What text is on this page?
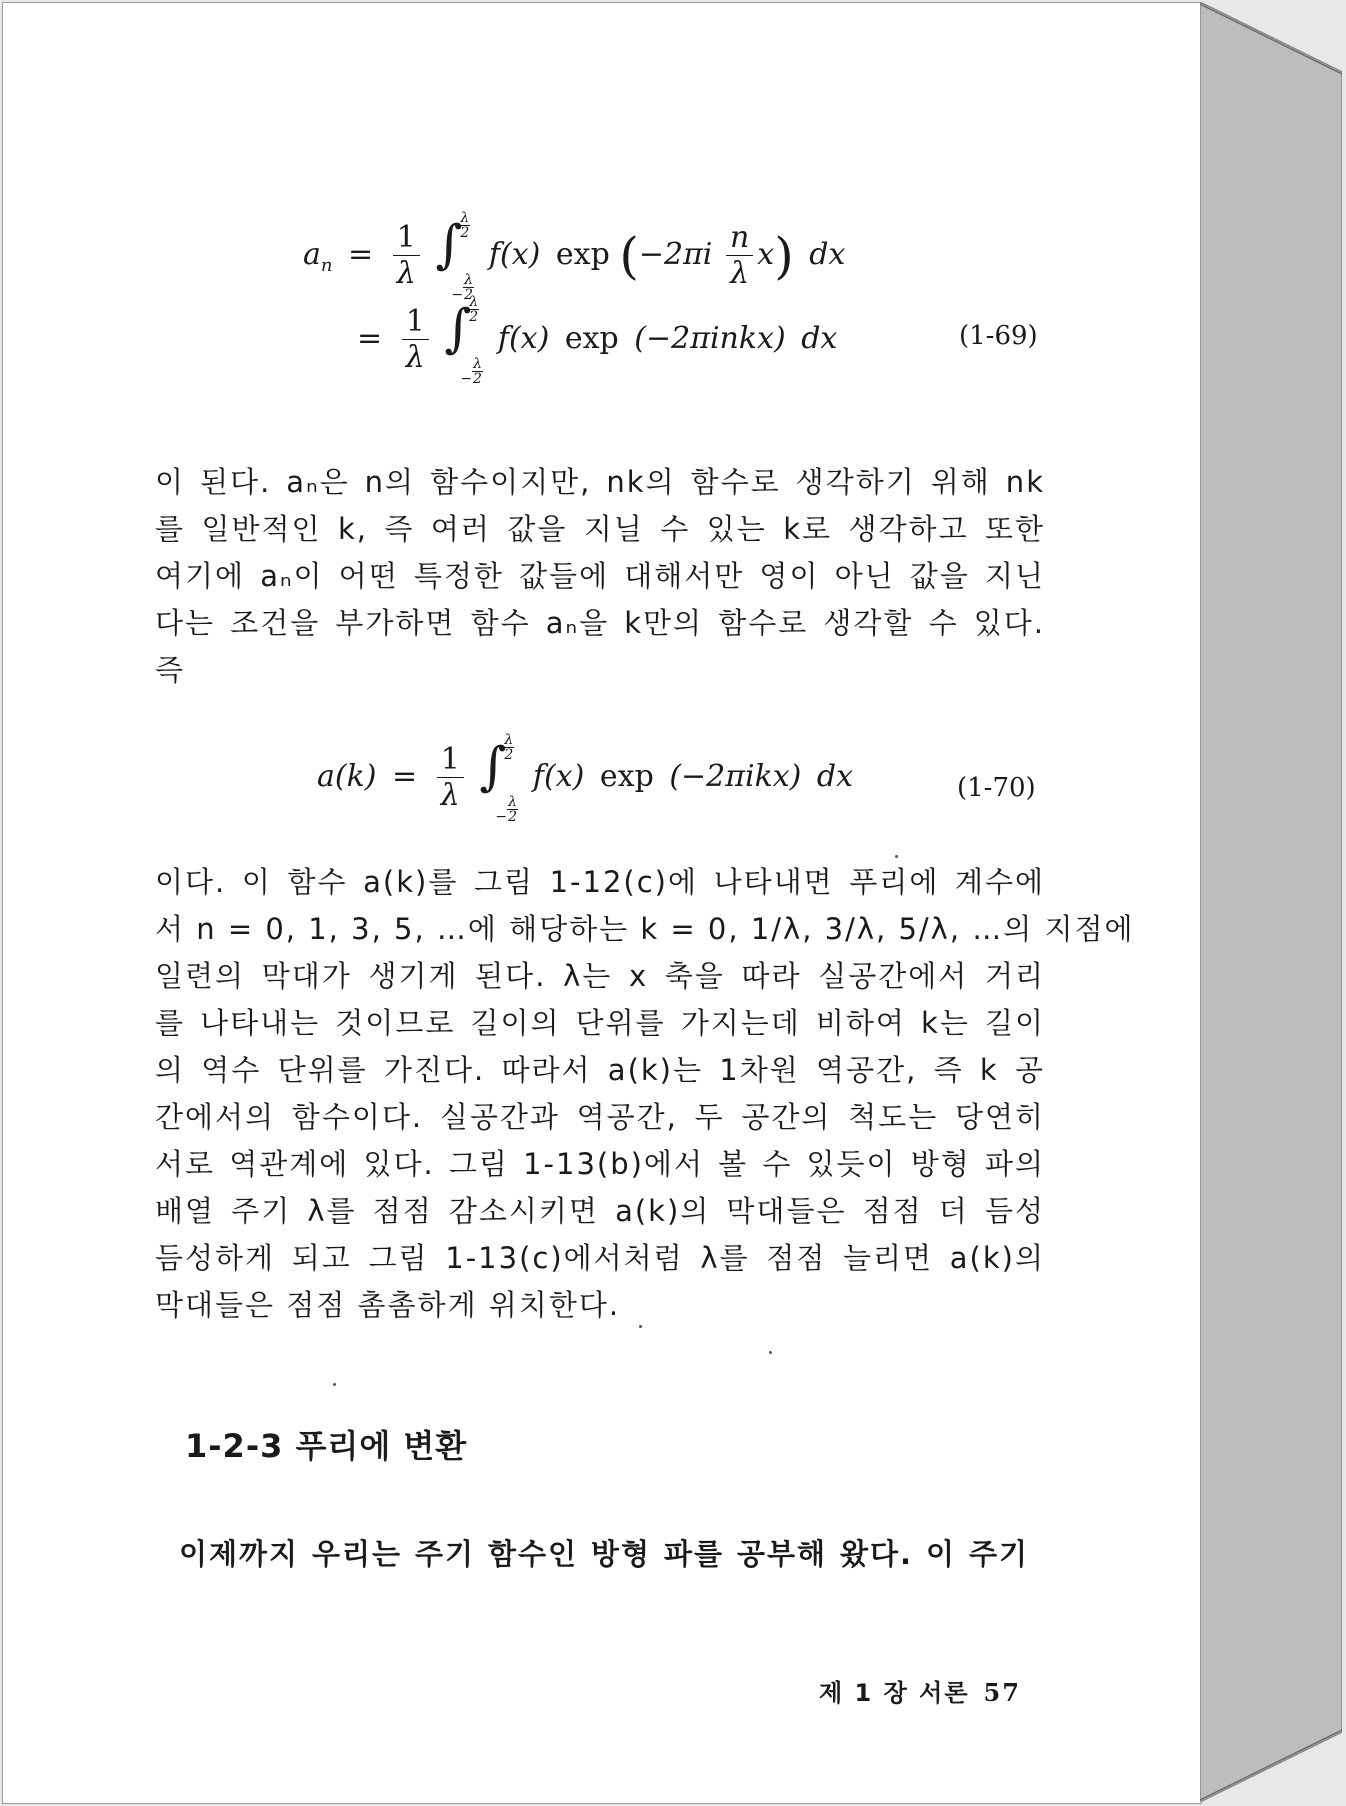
$a_n = \frac{1}{\lambda}$
∫
λ
2
− $\frac{\lambda}{2}$
f(x) $\exp (-2\pi i \frac{n}{\lambda} x)$ dx
= $\frac{1}{\lambda}$
∫
λ
2
− $\frac{\lambda}{2}$
f(x) exp (−2πinkx) dx	(1-69)
이 된다. aₙ은 n의 함수이지만, nk의 함수로 생각하기 위해 nk
를 일반적인 k, 즉 여러 값을 지닐 수 있는 k로 생각하고 또한
여기에 aₙ이 어떤 특정한 값들에 대해서만 영이 아닌 값을 지닌
다는 조건을 부가하면 함수 aₙ을 k만의 함수로 생각할 수 있다.
즉
$a(k) = \frac{1}{\lambda}$
∫
λ
2
− $\frac{\lambda}{2}$
f(x) exp (−2πikx) dx	(1-70)
이다. 이 함수 a(k)를 그림 1-12(c)에 나타내면 푸리에 계수에
서 n = 0, 1, 3, 5, …에 해당하는 k = 0, 1/λ, 3/λ, 5/λ, …의 지점에
일련의 막대가 생기게 된다. λ는 x 축을 따라 실공간에서 거리
를 나타내는 것이므로 길이의 단위를 가지는데 비하여 k는 길이
의 역수 단위를 가진다. 따라서 a(k)는 1차원 역공간, 즉 k 공
간에서의 함수이다. 실공간과 역공간, 두 공간의 척도는 당연히
서로 역관계에 있다. 그림 1-13(b)에서 볼 수 있듯이 방형 파의
배열 주기 λ를 점점 감소시키면 a(k)의 막대들은 점점 더 듬성
듬성하게 되고 그림 1-13(c)에서처럼 λ를 점점 늘리면 a(k)의
막대들은 점점 촘촘하게 위치한다.
1-2-3 푸리에 변환
이제까지 우리는 주기 함수인 방형 파를 공부해 왔다. 이 주기
제 1 장 서론 57
